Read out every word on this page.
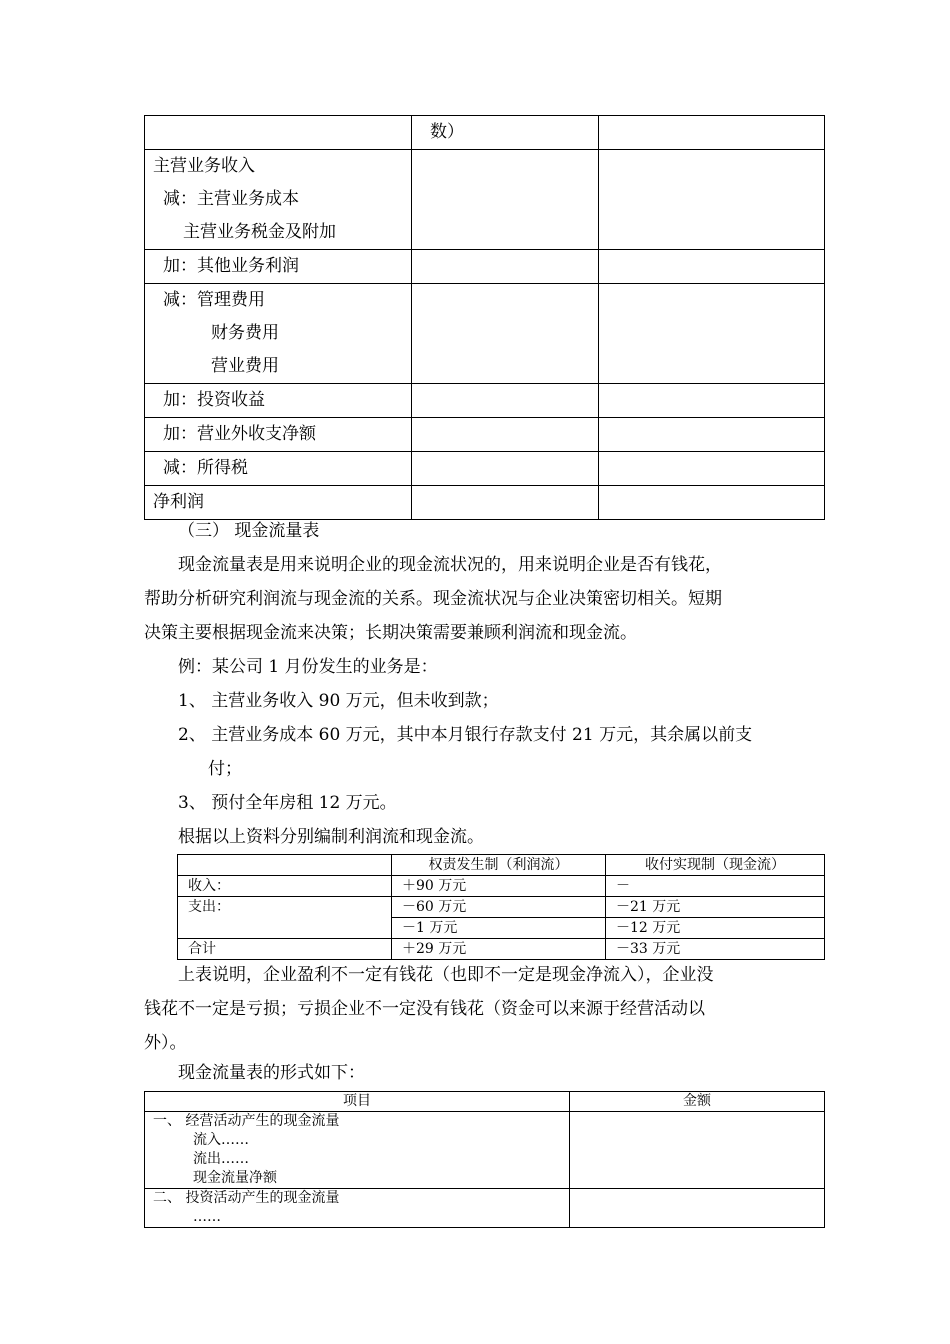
	数）	

主营业务收入
减：主营业务成本
主营业务税金及附加		

加：其他业务利润		

减：管理费用
财务费用
营业费用		

加：投资收益		

加：营业外收支净额		

减：所得税		

净利润		

（三） 现金流量表

现金流量表是用来说明企业的现金流状况的，用来说明企业是否有钱花，

帮助分析研究利润流与现金流的关系。现金流状况与企业决策密切相关。短期

决策主要根据现金流来决策；长期决策需要兼顾利润流和现金流。

例：某公司 1 月份发生的业务是：

1、 主营业务收入 90 万元，但未收到款；

2、 主营业务成本 60 万元，其中本月银行存款支付 21 万元，其余属以前支

付；

3、 预付全年房租 12 万元。

根据以上资料分别编制利润流和现金流。

	权责发生制（利润流）	收付实现制（现金流）
收入：	＋90 万元	－
支出：	－60 万元	－21 万元
	－1 万元	－12 万元
合计	＋29 万元	－33 万元

上表说明，企业盈利不一定有钱花（也即不一定是现金净流入），企业没

钱花不一定是亏损；亏损企业不一定没有钱花（资金可以来源于经营活动以

外）。

现金流量表的形式如下：

项目	金额

一、 经营活动产生的现金流量
流入……
流出……
现金流量净额	

二、 投资活动产生的现金流量
……	
